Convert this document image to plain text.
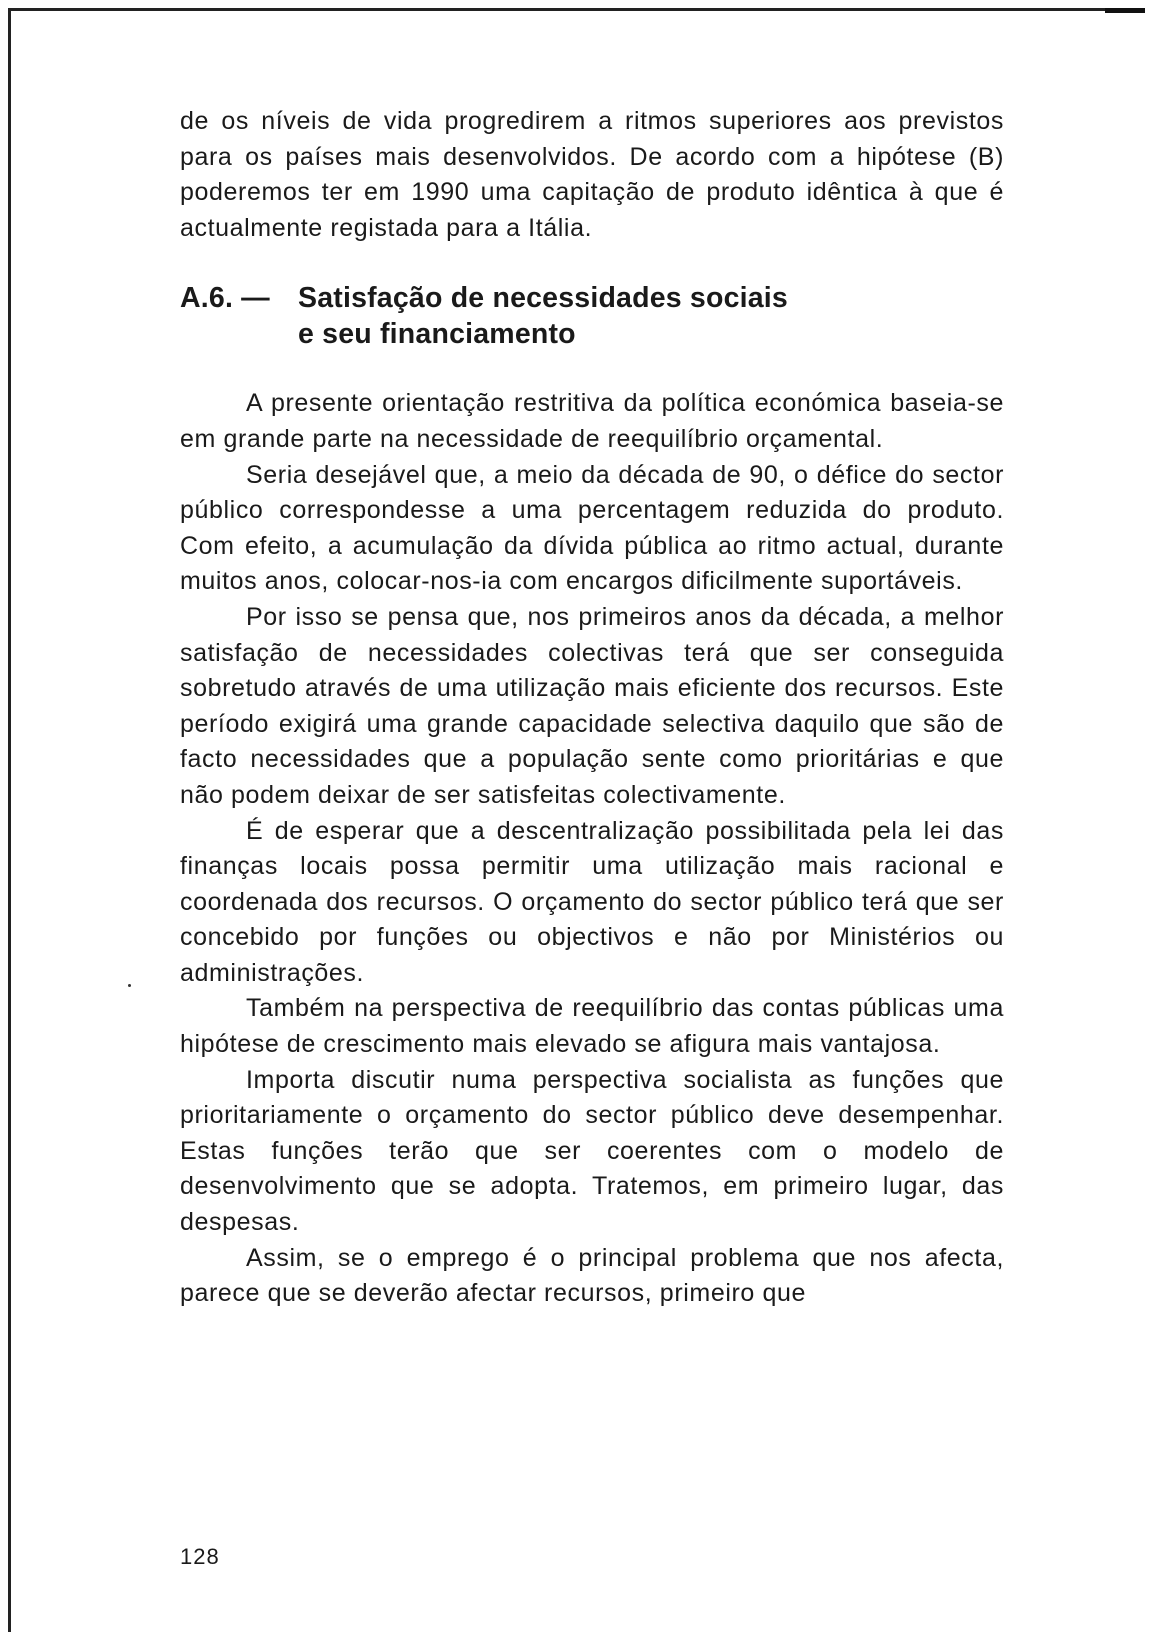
de os níveis de vida progredirem a ritmos superiores aos previstos para os países mais desenvolvidos. De acordo com a hipótese (B) poderemos ter em 1990 uma capitação de produto idêntica à que é actualmente registada para a Itália.

A.6. — Satisfação de necessidades sociais
e seu financiamento

A presente orientação restritiva da política económica baseia-se em grande parte na necessidade de reequilíbrio orçamental.

Seria desejável que, a meio da década de 90, o défice do sector público correspondesse a uma percentagem reduzida do produto. Com efeito, a acumulação da dívida pública ao ritmo actual, durante muitos anos, colocar-nos-ia com encargos dificilmente suportáveis.

Por isso se pensa que, nos primeiros anos da década, a melhor satisfação de necessidades colectivas terá que ser conseguida sobretudo através de uma utilização mais eficiente dos recursos. Este período exigirá uma grande capacidade selectiva daquilo que são de facto necessidades que a população sente como prioritárias e que não podem deixar de ser satisfeitas colectivamente.

É de esperar que a descentralização possibilitada pela lei das finanças locais possa permitir uma utilização mais racional e coordenada dos recursos. O orçamento do sector público terá que ser concebido por funções ou objectivos e não por Ministérios ou administrações.

Também na perspectiva de reequilíbrio das contas públicas uma hipótese de crescimento mais elevado se afigura mais vantajosa.

Importa discutir numa perspectiva socialista as funções que prioritariamente o orçamento do sector público deve desempenhar. Estas funções terão que ser coerentes com o modelo de desenvolvimento que se adopta. Tratemos, em primeiro lugar, das despesas.

Assim, se o emprego é o principal problema que nos afecta, parece que se deverão afectar recursos, primeiro que

128
